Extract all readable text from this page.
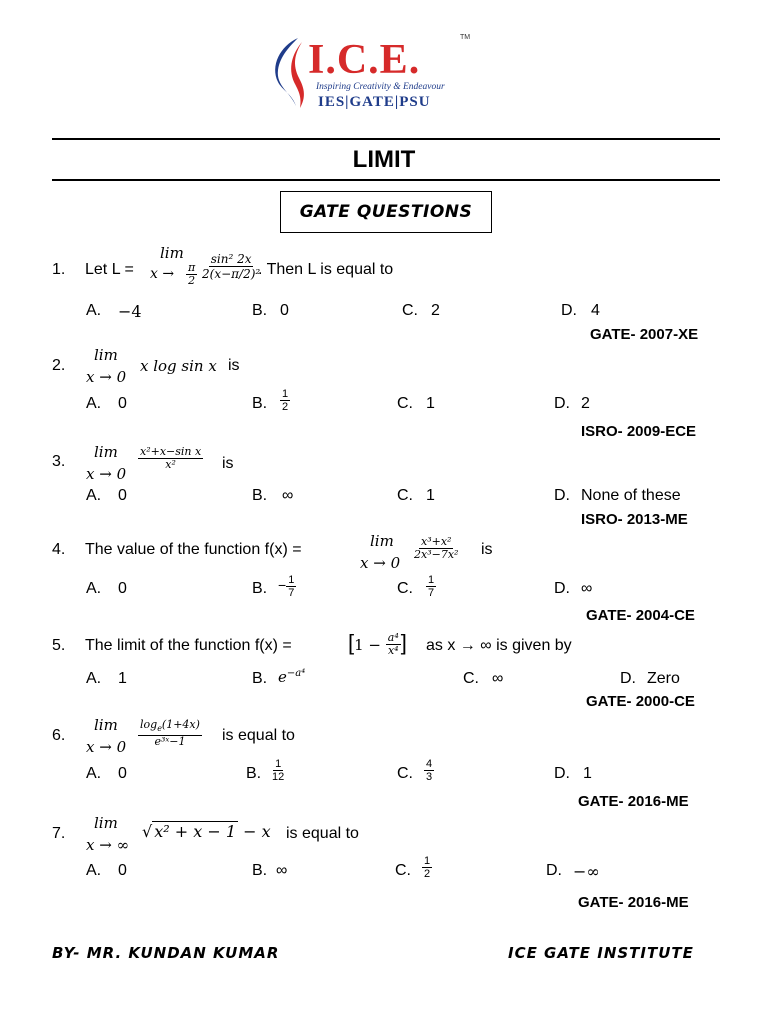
I.C.E.	TM
Inspiring Creativity & Endeavour
IES|GATE|PSU
LIMIT
GATE QUESTIONS
1. Let L =
lim
$x \to \frac{\pi}{2} \frac{\text{sin² 2x}}{\text{2(x−π/2)²}}$
. Then L is equal to
A. −4	B. 0	C. 2	D. 4
GATE- 2007-XE
2.
lim
x → 0
x log sin x is
A. 0	B. $\frac{1}{2}$	C. 1	D. 2
ISRO- 2009-ECE
3.
lim
x → 0
$\frac{\text{x²+x−sin x}}{\text{x²}}$ is
A. 0	B. ∞	C. 1	D. None of these
ISRO- 2013-ME
4. The value of the function f(x) =	lim
x → 0
$\frac{\text{x³+x²}}{\text{2x³−7x²}}$ is
A. 0	B. − $\frac{1}{7}$	C. $\frac{1}{7}$	D. ∞
GATE- 2004-CE
5. The limit of the function f(x) =	[$1 - \frac{\text{a⁴}}{\text{x⁴}}$ ] as x → ∞ is given by
A. 1	B. $e^{-a^4}$	C. ∞	D. Zero
GATE- 2000-CE
6.
lim
$x \to 0 \frac{\log_e(1+4x)}{\text{e³ˣ−1}}$ is equal to
A. 0	B. $\frac{1}{12}$	C. $\frac{4}{3}$	D. 1
GATE- 2016-ME
7.
lim
x → ∞
√ x² + x − 1 − x is equal to
A. 0	B. ∞	C. $\frac{1}{2}$	D. −∞
GATE- 2016-ME
BY- MR. KUNDAN KUMAR	ICE GATE INSTITUTE
